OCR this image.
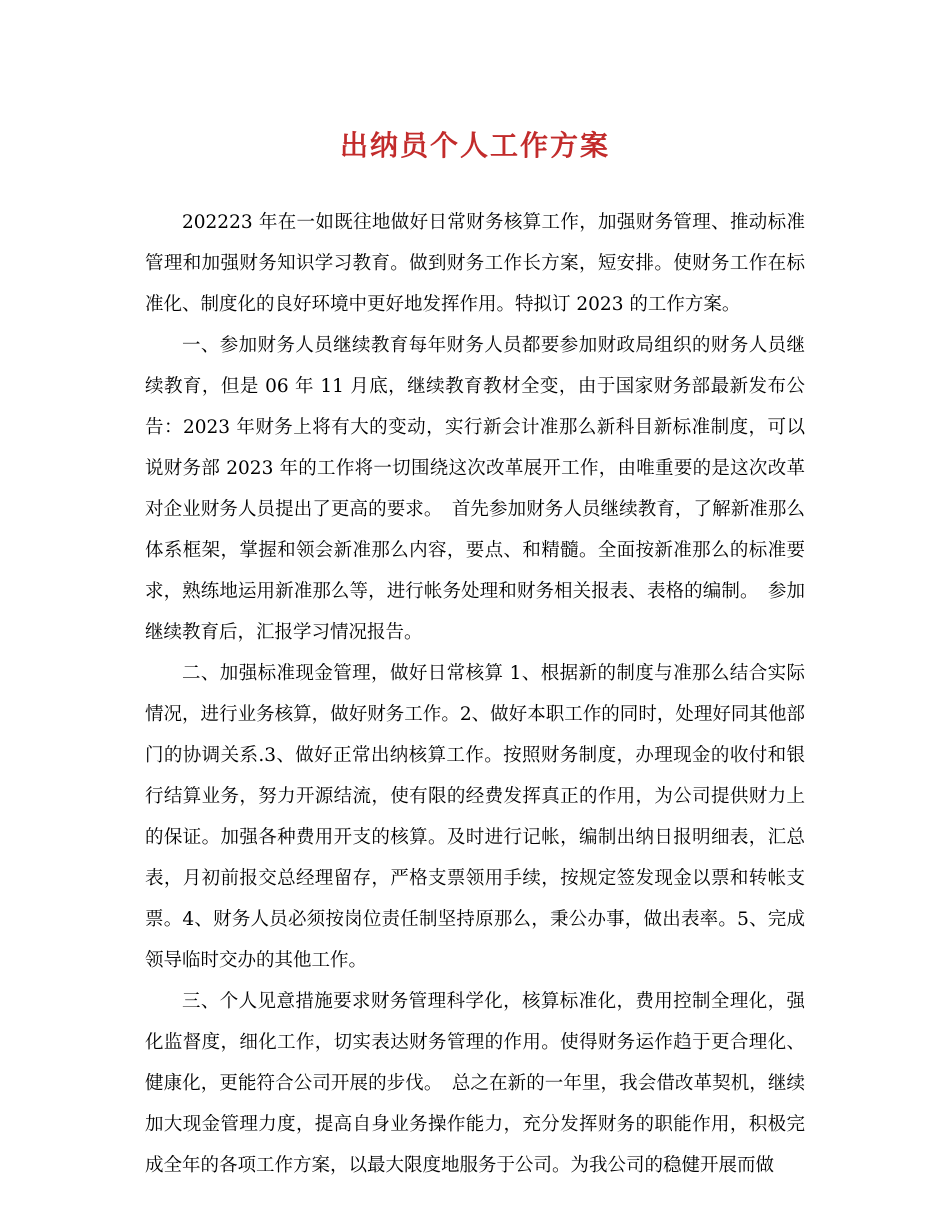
出纳员个人工作方案

202223 年在一如既往地做好日常财务核算工作，加强财务管理、推动标准管理和加强财务知识学习教育。做到财务工作长方案，短安排。使财务工作在标准化、制度化的良好环境中更好地发挥作用。特拟订 2023 的工作方案。

一、参加财务人员继续教育每年财务人员都要参加财政局组织的财务人员继续教育，但是 06 年 11 月底，继续教育教材全变，由于国家财务部最新发布公告：2023 年财务上将有大的变动，实行新会计准那么新科目新标准制度，可以说财务部 2023 年的工作将一切围绕这次改革展开工作，由唯重要的是这次改革对企业财务人员提出了更高的要求。　首先参加财务人员继续教育，了解新准那么体系框架，掌握和领会新准那么内容，要点、和精髓。全面按新准那么的标准要求，熟练地运用新准那么等，进行帐务处理和财务相关报表、表格的编制。　参加继续教育后，汇报学习情况报告。

二、加强标准现金管理，做好日常核算 1、根据新的制度与准那么结合实际情况，进行业务核算，做好财务工作。2、做好本职工作的同时，处理好同其他部门的协调关系.3、做好正常出纳核算工作。按照财务制度，办理现金的收付和银行结算业务，努力开源结流，使有限的经费发挥真正的作用，为公司提供财力上的保证。加强各种费用开支的核算。及时进行记帐，编制出纳日报明细表，汇总表，月初前报交总经理留存，严格支票领用手续，按规定签发现金以票和转帐支票。4、财务人员必须按岗位责任制坚持原那么，秉公办事，做出表率。5、完成领导临时交办的其他工作。

三、个人见意措施要求财务管理科学化，核算标准化，费用控制全理化，强化监督度，细化工作，切实表达财务管理的作用。使得财务运作趋于更合理化、健康化，更能符合公司开展的步伐。　总之在新的一年里，我会借改革契机，继续加大现金管理力度，提高自身业务操作能力，充分发挥财务的职能作用，积极完成全年的各项工作方案，以最大限度地服务于公司。为我公司的稳健开展而做
